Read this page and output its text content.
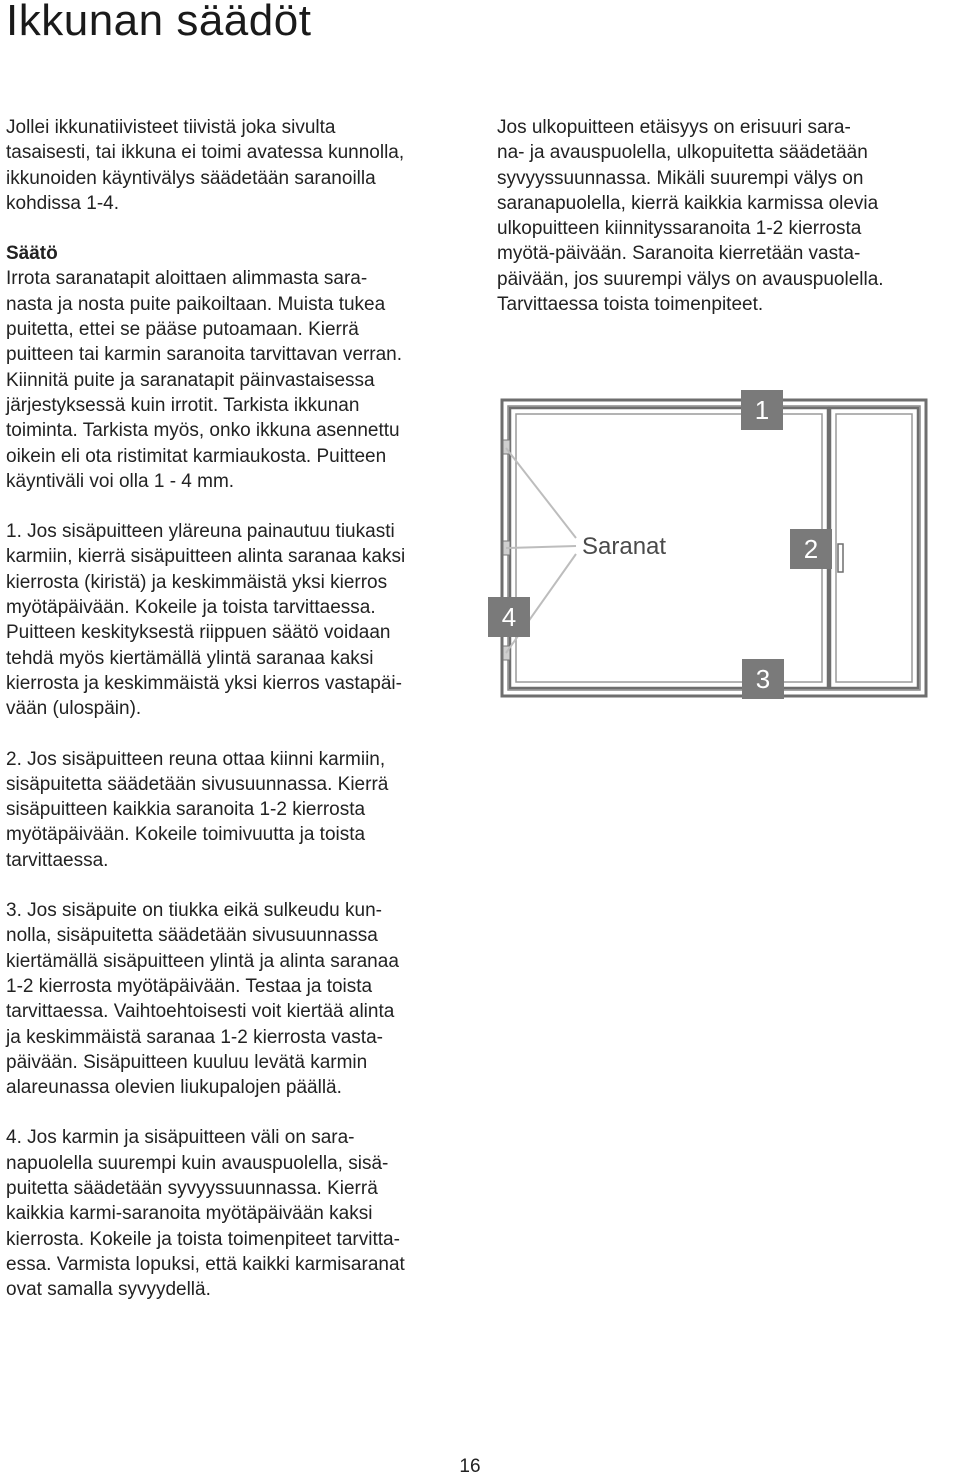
Ikkunan säädöt

Jollei ikkunatiivisteet tiivistä joka sivulta
tasaisesti, tai ikkuna ei toimi avatessa kunnolla,
ikkunoiden käyntivälys säädetään saranoilla
kohdissa 1-4.

Säätö

Irrota saranatapit aloittaen alimmasta sara-
nasta ja nosta puite paikoiltaan. Muista tukea
puitetta, ettei se pääse putoamaan. Kierrä
puitteen tai karmin saranoita tarvittavan verran.
Kiinnitä puite ja saranatapit päinvastaisessa
järjestyksessä kuin irrotit. Tarkista ikkunan
toiminta. Tarkista myös, onko ikkuna asennettu
oikein eli ota ristimitat karmiaukosta. Puitteen
käyntiväli voi olla 1 - 4 mm.

1. Jos sisäpuitteen yläreuna painautuu tiukasti
karmiin, kierrä sisäpuitteen alinta saranaa kaksi
kierrosta (kiristä) ja keskimmäistä yksi kierros
myötäpäivään. Kokeile ja toista tarvittaessa.
Puitteen keskityksestä riippuen säätö voidaan
tehdä myös kiertämällä ylintä saranaa kaksi
kierrosta ja keskimmäistä yksi kierros vastapäi-
vään (ulospäin).

2. Jos sisäpuitteen reuna ottaa kiinni karmiin,
sisäpuitetta säädetään sivusuunnassa. Kierrä
sisäpuitteen kaikkia saranoita 1-2 kierrosta
myötäpäivään. Kokeile toimivuutta ja toista
tarvittaessa.

3. Jos sisäpuite on tiukka eikä sulkeudu kun-
nolla, sisäpuitetta säädetään sivusuunnassa
kiertämällä sisäpuitteen ylintä ja alinta saranaa
1-2 kierrosta myötäpäivään. Testaa ja toista
tarvittaessa. Vaihtoehtoisesti voit kiertää alinta
ja keskimmäistä saranaa 1-2 kierrosta vasta-
päivään. Sisäpuitteen kuuluu levätä karmin
alareunassa olevien liukupalojen päällä.

4. Jos karmin ja sisäpuitteen väli on sara-
napuolella suurempi kuin avauspuolella, sisä-
puitetta säädetään syvyyssuunnassa. Kierrä
kaikkia karmi-saranoita myötäpäivään kaksi
kierrosta. Kokeile ja toista toimenpiteet tarvitta-
essa. Varmista lopuksi, että kaikki karmisaranat
ovat samalla syvyydellä.

Jos ulkopuitteen etäisyys on erisuuri sara-
na- ja avauspuolella, ulkopuitetta säädetään
syvyyssuunnassa. Mikäli suurempi välys on
saranapuolella, kierrä kaikkia karmissa olevia
ulkopuitteen kiinnityssaranoita 1-2 kierrosta
myötä-päivään. Saranoita kierretään vasta-
päivään, jos suurempi välys on avauspuolella.
Tarvittaessa toista toimenpiteet.

Saranat
1
2
3
4
16
